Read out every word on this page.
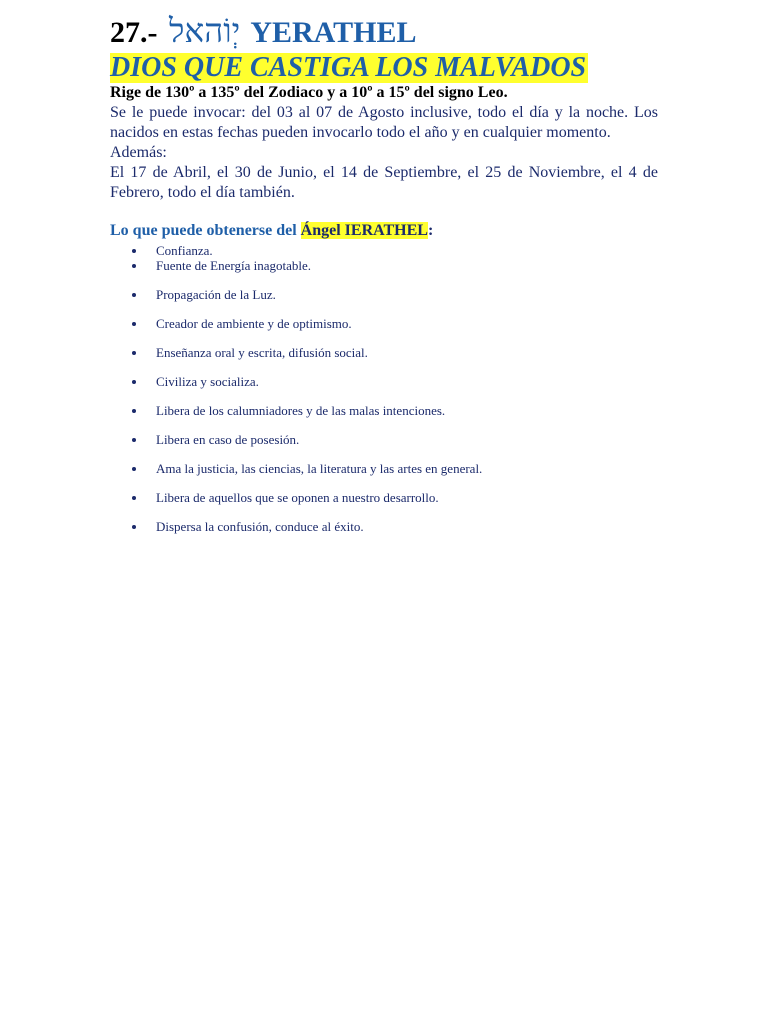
27.- יְוֹהאל YERATHEL
DIOS QUE CASTIGA LOS MALVADOS

Rige de 130º a 135º del Zodiaco y a 10º a 15º del signo Leo.

Se le puede invocar: del 03 al 07 de Agosto inclusive, todo el día y la noche. Los nacidos en estas fechas pueden invocarlo todo el año y en cualquier momento.

Además:

El 17 de Abril, el 30 de Junio, el 14 de Septiembre, el 25 de Noviembre, el 4 de Febrero, todo el día también.

Lo que puede obtenerse del Ángel IERATHEL:

Confianza.
Fuente de Energía inagotable.
Propagación de la Luz.
Creador de ambiente y de optimismo.
Enseñanza oral y escrita, difusión social.
Civiliza y socializa.
Libera de los calumniadores y de las malas intenciones.
Libera en caso de posesión.
Ama la justicia, las ciencias, la literatura y las artes en general.
Libera de aquellos que se oponen a nuestro desarrollo.
Dispersa la confusión, conduce al éxito.
